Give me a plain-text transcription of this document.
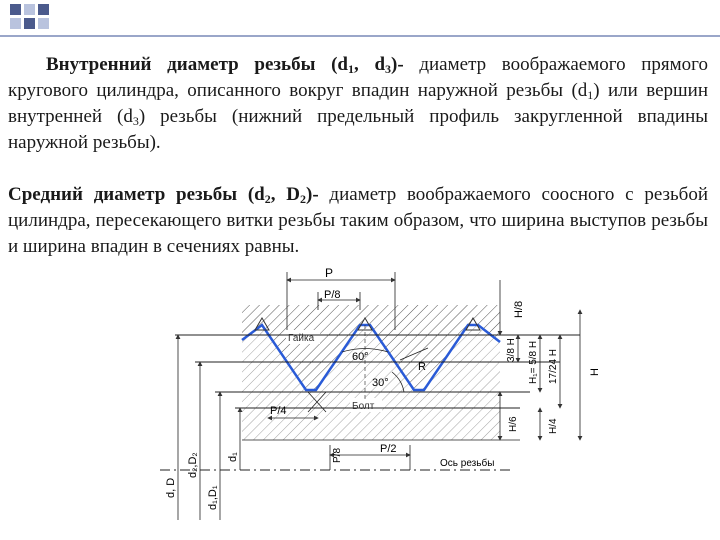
Внутренний диаметр резьбы ($d_1$, $d_3)-$ диаметр воображаемого прямого кругового цилиндра, описанного вокруг впадин наружной резьбы $(d_1)$ или вершин внутренней $(d_3)$ резьбы (нижний предельный профиль закругленной впадины наружной резьбы).

Средний диаметр резьбы ($d_2$, $D_2)-$ диаметр воображаемого соосного с резьбой цилиндра, пересекающего витки резьбы таким образом, что ширина выступов резьбы и ширина впадин в сечениях равны.

P
P/8
Гайка
Болт
60°
30°
R
P/4
P/2
Ось резьбы
P/8
d, D
d₂,D₂
d₁,D₁
d₁
H/8
3/8 H H₁= 5/8 H 17/24 H	H
H/6	H/4
